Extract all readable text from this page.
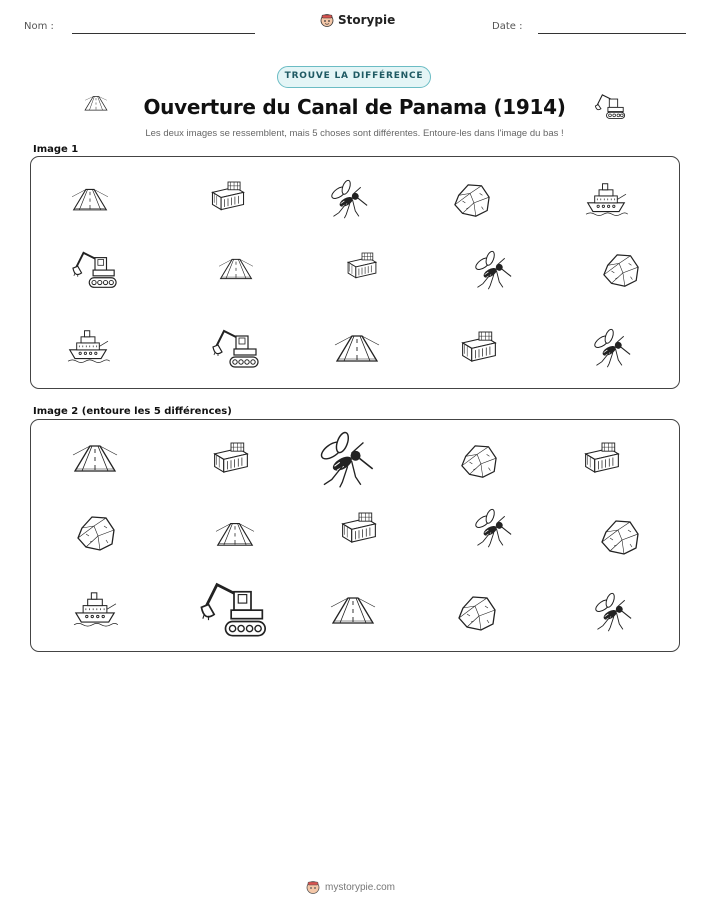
Nom :	Storypie	Date :
TROUVE LA DIFFÉRENCE
Ouverture du Canal de Panama (1914)
Les deux images se ressemblent, mais 5 choses sont différentes. Entoure-les dans l'image du bas !
Image 1
Image 2 (entoure les 5 différences)
mystorypie.com
